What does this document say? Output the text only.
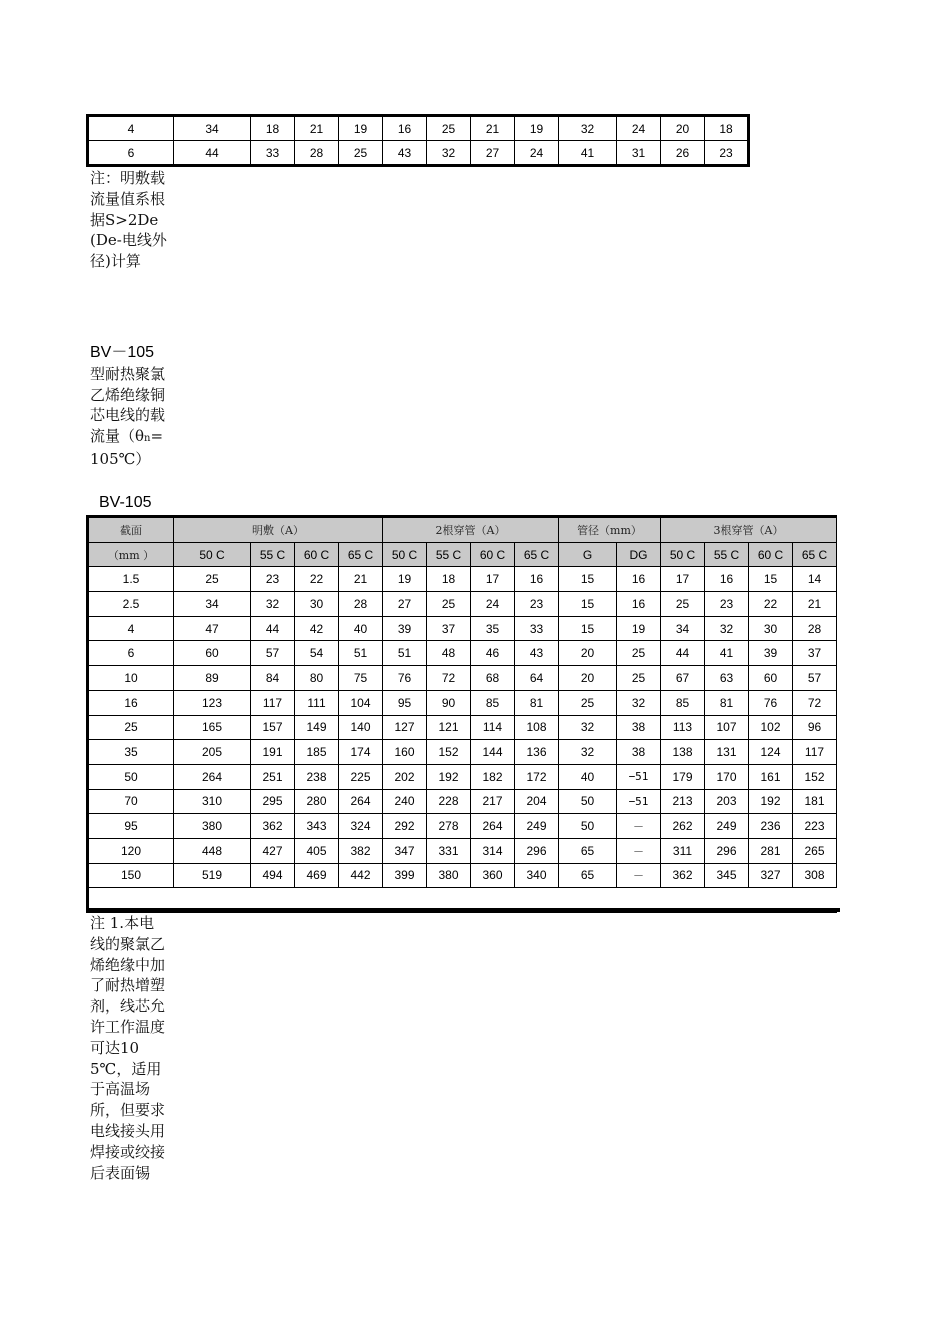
4	34	18	21	19	16	25	21	19	32	24	20	18
6	44	33	28	25	43	32	27	24	41	31	26	23
注：明敷载流量值系根据S>2De(De-电线外径)计算
BV－105
型耐热聚氯乙烯绝缘铜芯电线的载流量（θn=105℃）
BV-105
截面	明敷（A）				2根穿管（A）				管径（mm）		3根穿管（A）			
（mm ）	50 C	55 C	60 C	65 C	50 C	55 C	60 C	65 C	G	DG	50 C	55 C	60 C	65 C
1.5	25	23	22	21	19	18	17	16	15	16	17	16	15	14
2.5	34	32	30	28	27	25	24	23	15	16	25	23	22	21
4	47	44	42	40	39	37	35	33	15	19	34	32	30	28
6	60	57	54	51	51	48	46	43	20	25	44	41	39	37
10	89	84	80	75	76	72	68	64	20	25	67	63	60	57
16	123	117	111	104	95	90	85	81	25	32	85	81	76	72
25	165	157	149	140	127	121	114	108	32	38	113	107	102	96
35	205	191	185	174	160	152	144	136	32	38	138	131	124	117
50	264	251	238	225	202	192	182	172	40	−51	179	170	161	152
70	310	295	280	264	240	228	217	204	50	−51	213	203	192	181
95	380	362	343	324	292	278	264	249	50	－	262	249	236	223
120	448	427	405	382	347	331	314	296	65	－	311	296	281	265
150	519	494	469	442	399	380	360	340	65	－	362	345	327	308

注 1.本电线的聚氯乙烯绝缘中加了耐热增塑剂，线芯允许工作温度可达105℃，适用于高温场所，但要求电线接头用焊接或绞接后表面锡
